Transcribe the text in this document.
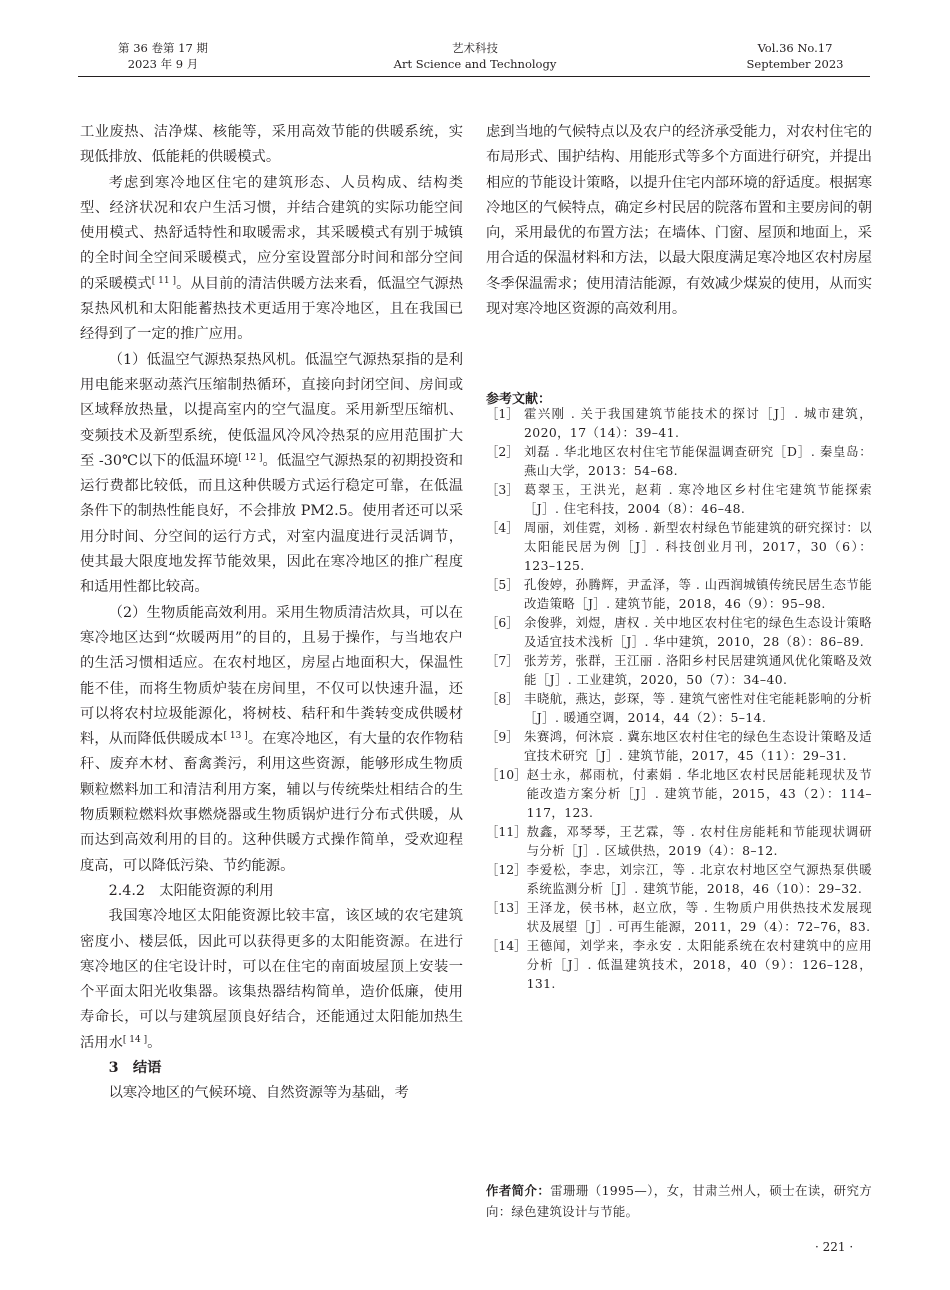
第 36 卷第 17 期
2023 年 9 月
艺术科技
Art Science and Technology
Vol.36 No.17
September 2023

工业废热、洁净煤、核能等，采用高效节能的供暖系统，实现低排放、低能耗的供暖模式。

考虑到寒冷地区住宅的建筑形态、人员构成、结构类型、经济状况和农户生活习惯，并结合建筑的实际功能空间使用模式、热舒适特性和取暖需求，其采暖模式有别于城镇的全时间全空间采暖模式，应分室设置部分时间和部分空间的采暖模式[ 11 ]。从目前的清洁供暖方法来看，低温空气源热泵热风机和太阳能蓄热技术更适用于寒冷地区，且在我国已经得到了一定的推广应用。

（1）低温空气源热泵热风机。低温空气源热泵指的是利用电能来驱动蒸汽压缩制热循环，直接向封闭空间、房间或区域释放热量，以提高室内的空气温度。采用新型压缩机、变频技术及新型系统，使低温风冷风冷热泵的应用范围扩大至 -30℃以下的低温环境[ 12 ]。低温空气源热泵的初期投资和运行费都比较低，而且这种供暖方式运行稳定可靠，在低温条件下的制热性能良好，不会排放 PM2.5。使用者还可以采用分时间、分空间的运行方式，对室内温度进行灵活调节，使其最大限度地发挥节能效果，因此在寒冷地区的推广程度和适用性都比较高。

（2）生物质能高效利用。采用生物质清洁炊具，可以在寒冷地区达到“炊暖两用”的目的，且易于操作，与当地农户的生活习惯相适应。在农村地区，房屋占地面积大，保温性能不佳，而将生物质炉装在房间里，不仅可以快速升温，还可以将农村垃圾能源化，将树枝、秸秆和牛粪转变成供暖材料，从而降低供暖成本[ 13 ]。在寒冷地区，有大量的农作物秸秆、废弃木材、畜禽粪污，利用这些资源，能够形成生物质颗粒燃料加工和清洁利用方案，辅以与传统柴灶相结合的生物质颗粒燃料炊事燃烧器或生物质锅炉进行分布式供暖，从而达到高效利用的目的。这种供暖方式操作简单，受欢迎程度高，可以降低污染、节约能源。

2.4.2　太阳能资源的利用

我国寒冷地区太阳能资源比较丰富，该区域的农宅建筑密度小、楼层低，因此可以获得更多的太阳能资源。在进行寒冷地区的住宅设计时，可以在住宅的南面坡屋顶上安装一个平面太阳光收集器。该集热器结构简单，造价低廉，使用寿命长，可以与建筑屋顶良好结合，还能通过太阳能加热生活用水[ 14 ]。

3　结语

以寒冷地区的气候环境、自然资源等为基础，考

虑到当地的气候特点以及农户的经济承受能力，对农村住宅的布局形式、围护结构、用能形式等多个方面进行研究，并提出相应的节能设计策略，以提升住宅内部环境的舒适度。根据寒冷地区的气候特点，确定乡村民居的院落布置和主要房间的朝向，采用最优的布置方法；在墙体、门窗、屋顶和地面上，采用合适的保温材料和方法，以最大限度满足寒冷地区农村房屋冬季保温需求；使用清洁能源，有效减少煤炭的使用，从而实现对寒冷地区资源的高效利用。

参考文献：
［1］ 霍兴刚 . 关于我国建筑节能技术的探讨［J］. 城市建筑，2020，17（14）：39–41.
［2］ 刘磊 . 华北地区农村住宅节能保温调查研究［D］. 秦皇岛：燕山大学，2013：54–68.
［3］ 葛翠玉，王洪光，赵莉 . 寒冷地区乡村住宅建筑节能探索［J］. 住宅科技，2004（8）：46–48.
［4］ 周丽，刘佳霓，刘杨 . 新型农村绿色节能建筑的研究探讨：以太阳能民居为例［J］. 科技创业月刊，2017，30（6）：123–125.
［5］ 孔俊婷，孙腾辉，尹孟泽，等 . 山西润城镇传统民居生态节能改造策略［J］. 建筑节能，2018，46（9）：95–98.
［6］ 余俊骅，刘煜，唐权 . 关中地区农村住宅的绿色生态设计策略及适宜技术浅析［J］. 华中建筑，2010，28（8）：86–89.
［7］ 张芳芳，张群，王江丽 . 洛阳乡村民居建筑通风优化策略及效能［J］. 工业建筑，2020，50（7）：34–40.
［8］ 丰晓航，燕达，彭琛，等 . 建筑气密性对住宅能耗影响的分析［J］. 暖通空调，2014，44（2）：5–14.
［9］ 朱赛鸿，何沐宸 . 冀东地区农村住宅的绿色生态设计策略及适宜技术研究［J］. 建筑节能，2017，45（11）：29–31.
［10］ 赵士永，郝雨杭，付素娟 . 华北地区农村民居能耗现状及节能改造方案分析［J］. 建筑节能，2015，43（2）：114–117，123.
［11］ 敖鑫，邓琴琴，王艺霖，等 . 农村住房能耗和节能现状调研与分析［J］. 区域供热，2019（4）：8–12.
［12］ 李爱松，李忠，刘宗江，等 . 北京农村地区空气源热泵供暖系统监测分析［J］. 建筑节能，2018，46（10）：29–32.
［13］ 王泽龙，侯书林，赵立欣，等 . 生物质户用供热技术发展现状及展望［J］. 可再生能源，2011，29（4）：72–76，83.
［14］ 王德闻，刘学来，李永安 . 太阳能系统在农村建筑中的应用分析［J］. 低温建筑技术，2018，40（9）：126–128，131.
作者简介：雷珊珊（1995—），女，甘肃兰州人，硕士在读，研究方向：绿色建筑设计与节能。
· 221 ·
